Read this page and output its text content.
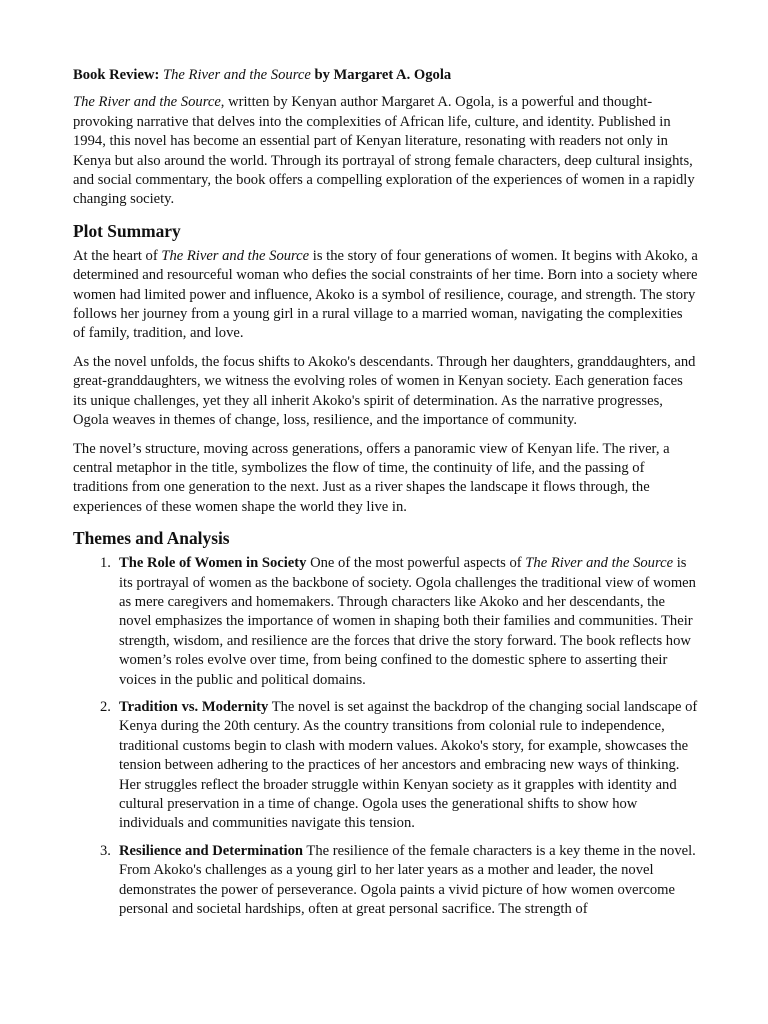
Book Review: The River and the Source by Margaret A. Ogola

The River and the Source, written by Kenyan author Margaret A. Ogola, is a powerful and thought-provoking narrative that delves into the complexities of African life, culture, and identity. Published in 1994, this novel has become an essential part of Kenyan literature, resonating with readers not only in Kenya but also around the world. Through its portrayal of strong female characters, deep cultural insights, and social commentary, the book offers a compelling exploration of the experiences of women in a rapidly changing society.

Plot Summary

At the heart of The River and the Source is the story of four generations of women. It begins with Akoko, a determined and resourceful woman who defies the social constraints of her time. Born into a society where women had limited power and influence, Akoko is a symbol of resilience, courage, and strength. The story follows her journey from a young girl in a rural village to a married woman, navigating the complexities of family, tradition, and love.

As the novel unfolds, the focus shifts to Akoko's descendants. Through her daughters, granddaughters, and great-granddaughters, we witness the evolving roles of women in Kenyan society. Each generation faces its unique challenges, yet they all inherit Akoko's spirit of determination. As the narrative progresses, Ogola weaves in themes of change, loss, resilience, and the importance of community.

The novel’s structure, moving across generations, offers a panoramic view of Kenyan life. The river, a central metaphor in the title, symbolizes the flow of time, the continuity of life, and the passing of traditions from one generation to the next. Just as a river shapes the landscape it flows through, the experiences of these women shape the world they live in.

Themes and Analysis
1. The Role of Women in Society One of the most powerful aspects of The River and the Source is its portrayal of women as the backbone of society. Ogola challenges the traditional view of women as mere caregivers and homemakers. Through characters like Akoko and her descendants, the novel emphasizes the importance of women in shaping both their families and communities. Their strength, wisdom, and resilience are the forces that drive the story forward. The book reflects how women’s roles evolve over time, from being confined to the domestic sphere to asserting their voices in the public and political domains.
2. Tradition vs. Modernity The novel is set against the backdrop of the changing social landscape of Kenya during the 20th century. As the country transitions from colonial rule to independence, traditional customs begin to clash with modern values. Akoko's story, for example, showcases the tension between adhering to the practices of her ancestors and embracing new ways of thinking. Her struggles reflect the broader struggle within Kenyan society as it grapples with identity and cultural preservation in a time of change. Ogola uses the generational shifts to show how individuals and communities navigate this tension.
3. Resilience and Determination The resilience of the female characters is a key theme in the novel. From Akoko's challenges as a young girl to her later years as a mother and leader, the novel demonstrates the power of perseverance. Ogola paints a vivid picture of how women overcome personal and societal hardships, often at great personal sacrifice. The strength of
